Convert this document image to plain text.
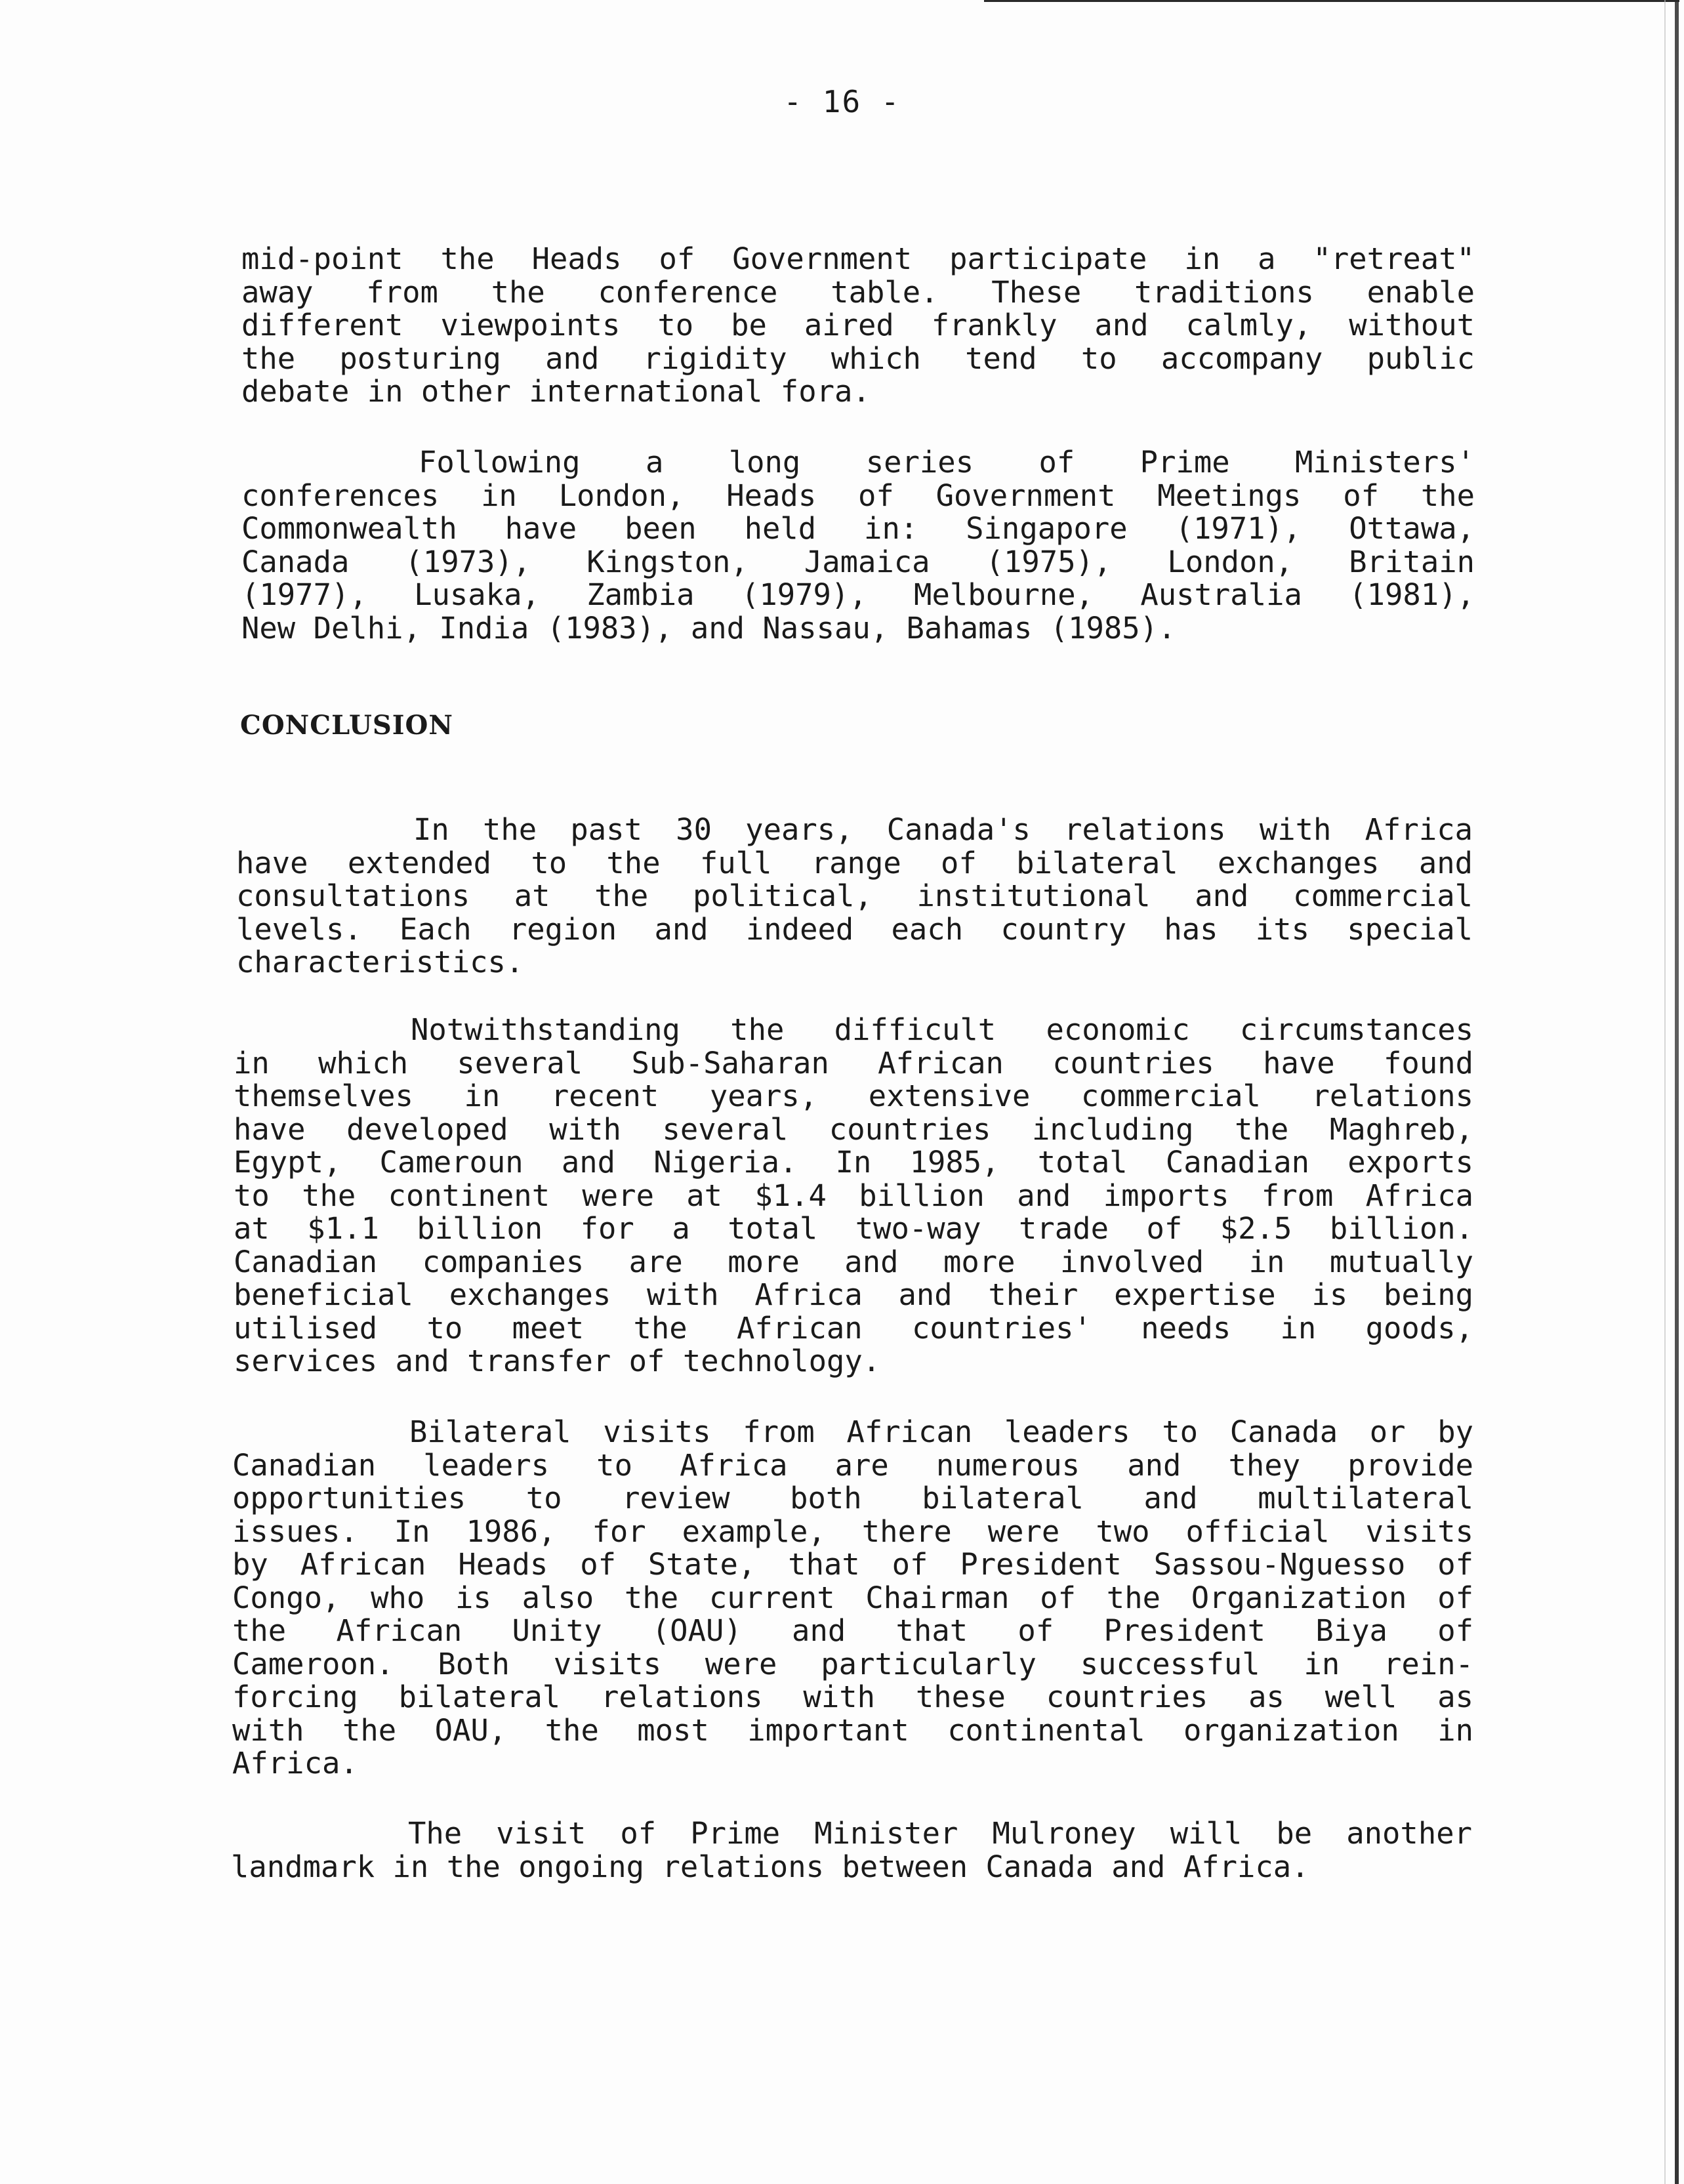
- 16 -
mid-point the Heads of Government participate in a "retreat"
away from the conference table. These traditions enable
different viewpoints to be aired frankly and calmly, without
the posturing and rigidity which tend to accompany public
debate in other international fora.
Following a long series of Prime Ministers'
conferences in London, Heads of Government Meetings of the
Commonwealth have been held in: Singapore (1971), Ottawa,
Canada (1973), Kingston, Jamaica (1975), London, Britain
(1977), Lusaka, Zambia (1979), Melbourne, Australia (1981),
New Delhi, India (1983), and Nassau, Bahamas (1985).
CONCLUSION
In the past 30 years, Canada's relations with Africa
have extended to the full range of bilateral exchanges and
consultations at the political, institutional and commercial
levels. Each region and indeed each country has its special
characteristics.
Notwithstanding the difficult economic circumstances
in which several Sub-Saharan African countries have found
themselves in recent years, extensive commercial relations
have developed with several countries including the Maghreb,
Egypt, Cameroun and Nigeria. In 1985, total Canadian exports
to the continent were at $1.4 billion and imports from Africa
at $1.1 billion for a total two-way trade of $2.5 billion.
Canadian companies are more and more involved in mutually
beneficial exchanges with Africa and their expertise is being
utilised to meet the African countries' needs in goods,
services and transfer of technology.
Bilateral visits from African leaders to Canada or by
Canadian leaders to Africa are numerous and they provide
opportunities to review both bilateral and multilateral
issues. In 1986, for example, there were two official visits
by African Heads of State, that of President Sassou-Nguesso of
Congo, who is also the current Chairman of the Organization of
the African Unity (OAU) and that of President Biya of
Cameroon. Both visits were particularly successful in rein-
forcing bilateral relations with these countries as well as
with the OAU, the most important continental organization in
Africa.
The visit of Prime Minister Mulroney will be another
landmark in the ongoing relations between Canada and Africa.
